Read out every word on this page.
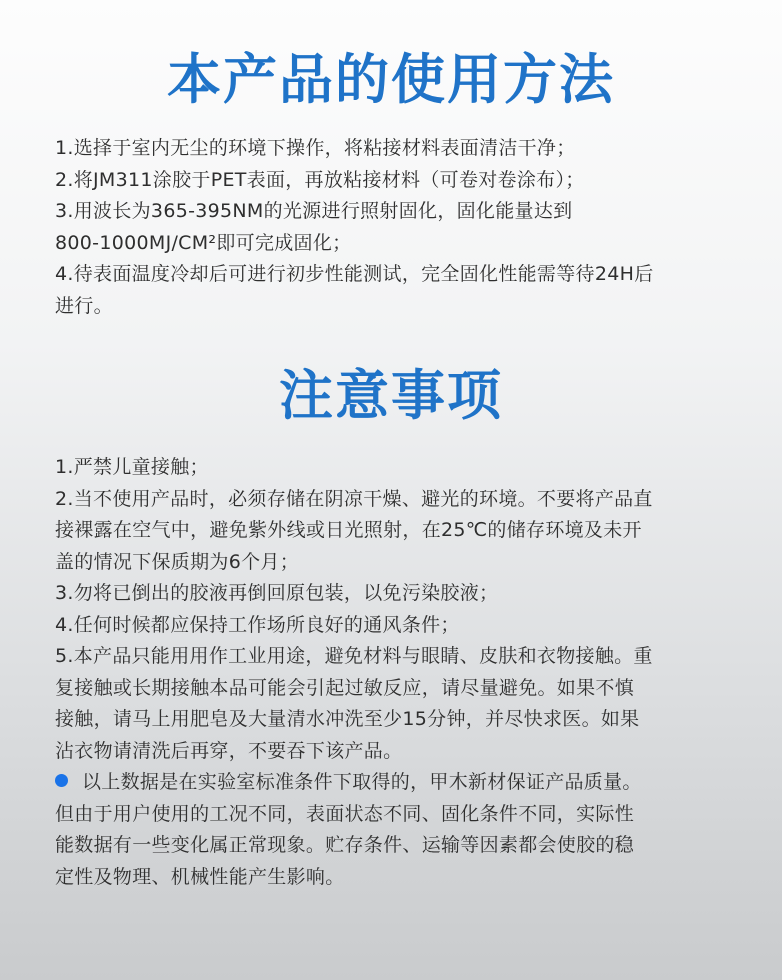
本产品的使用方法
1.选择于室内无尘的环境下操作，将粘接材料表面清洁干净；
2.将JM311涂胶于PET表面，再放粘接材料（可卷对卷涂布）；
3.用波长为365-395NM的光源进行照射固化，固化能量达到
800-1000MJ/CM²即可完成固化；
4.待表面温度冷却后可进行初步性能测试，完全固化性能需等待24H后
进行。
注意事项
1.严禁儿童接触；
2.当不使用产品时，必须存储在阴凉干燥、避光的环境。不要将产品直
接裸露在空气中，避免紫外线或日光照射，在25℃的储存环境及未开
盖的情况下保质期为6个月；
3.勿将已倒出的胶液再倒回原包装，以免污染胶液；
4.任何时候都应保持工作场所良好的通风条件；
5.本产品只能用用作工业用途，避免材料与眼睛、皮肤和衣物接触。重
复接触或长期接触本品可能会引起过敏反应，请尽量避免。如果不慎
接触，请马上用肥皂及大量清水冲洗至少15分钟，并尽快求医。如果
沾衣物请清洗后再穿，不要吞下该产品。
以上数据是在实验室标准条件下取得的，甲木新材保证产品质量。
但由于用户使用的工况不同，表面状态不同、固化条件不同，实际性
能数据有一些变化属正常现象。贮存条件、运输等因素都会使胶的稳
定性及物理、机械性能产生影响。
